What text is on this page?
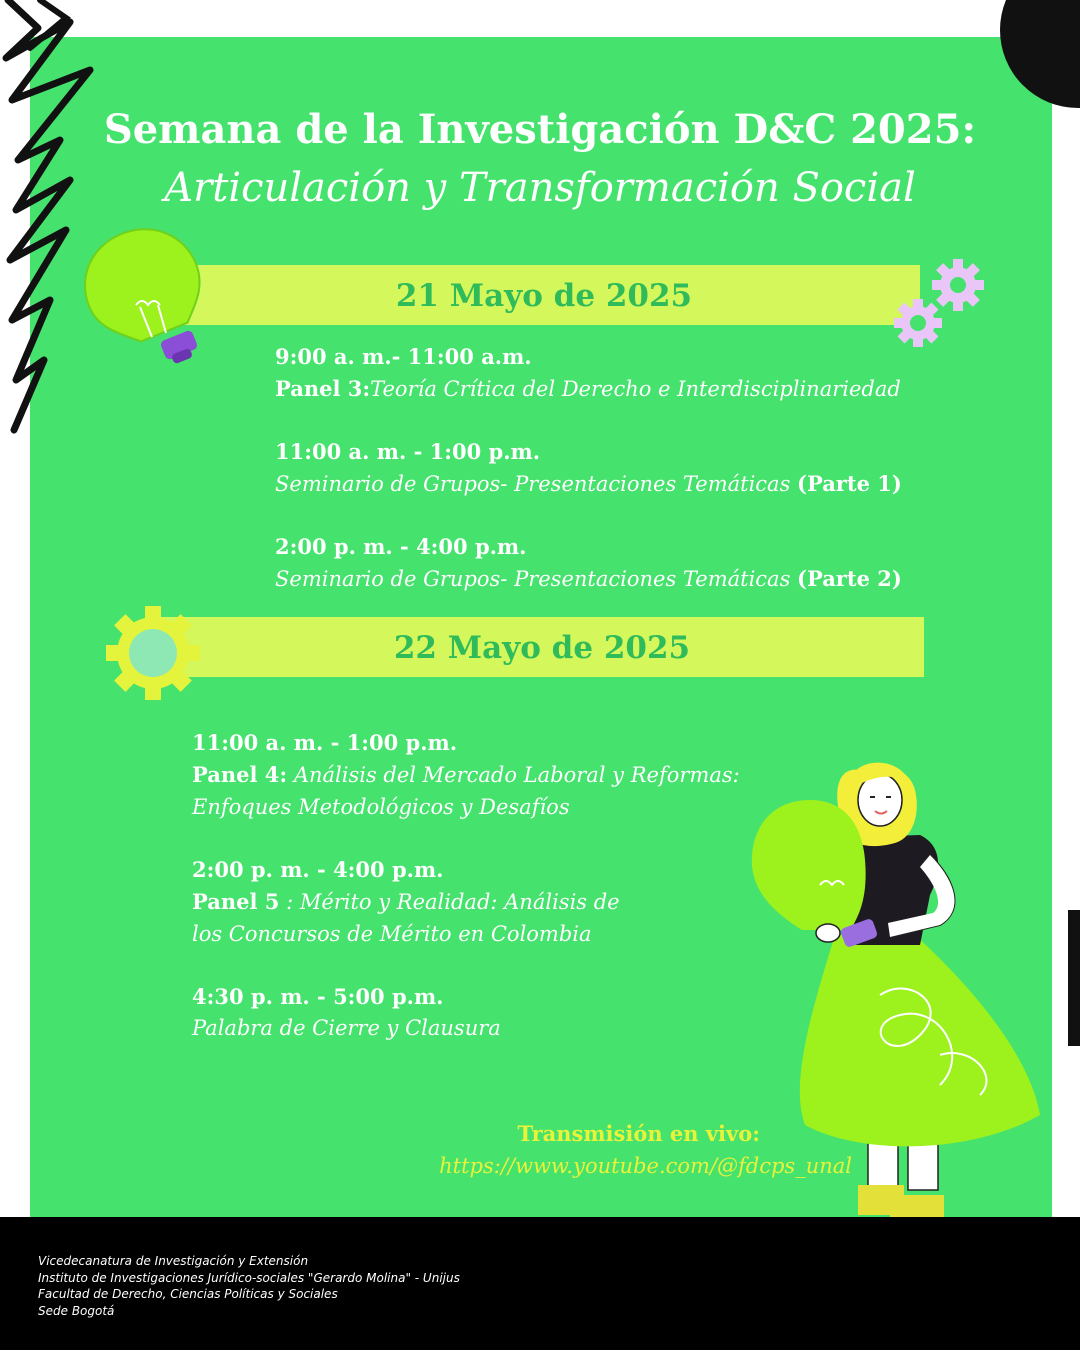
Semana de la Investigación D&C 2025:
Articulación y Transformación Social
21 Mayo de 2025
9:00 a. m.- 11:00 a.m.
Panel 3:Teoría Crítica del Derecho e Interdisciplinariedad
11:00 a. m. - 1:00 p.m.
Seminario de Grupos- Presentaciones Temáticas (Parte 1)
2:00 p. m. - 4:00 p.m.
Seminario de Grupos- Presentaciones Temáticas (Parte 2)
22 Mayo de 2025
11:00 a. m. - 1:00 p.m.
Panel 4: Análisis del Mercado Laboral y Reformas:
Enfoques Metodológicos y Desafíos
2:00 p. m. - 4:00 p.m.
Panel 5 : Mérito y Realidad: Análisis de
los Concursos de Mérito en Colombia
4:30 p. m. - 5:00 p.m.
Palabra de Cierre y Clausura
Transmisión en vivo:
https://www.youtube.com/@fdcps_unal
Vicedecanatura de Investigación y Extensión
Instituto de Investigaciones Jurídico-sociales "Gerardo Molina" - Unijus
Facultad de Derecho, Ciencias Políticas y Sociales
Sede Bogotá
